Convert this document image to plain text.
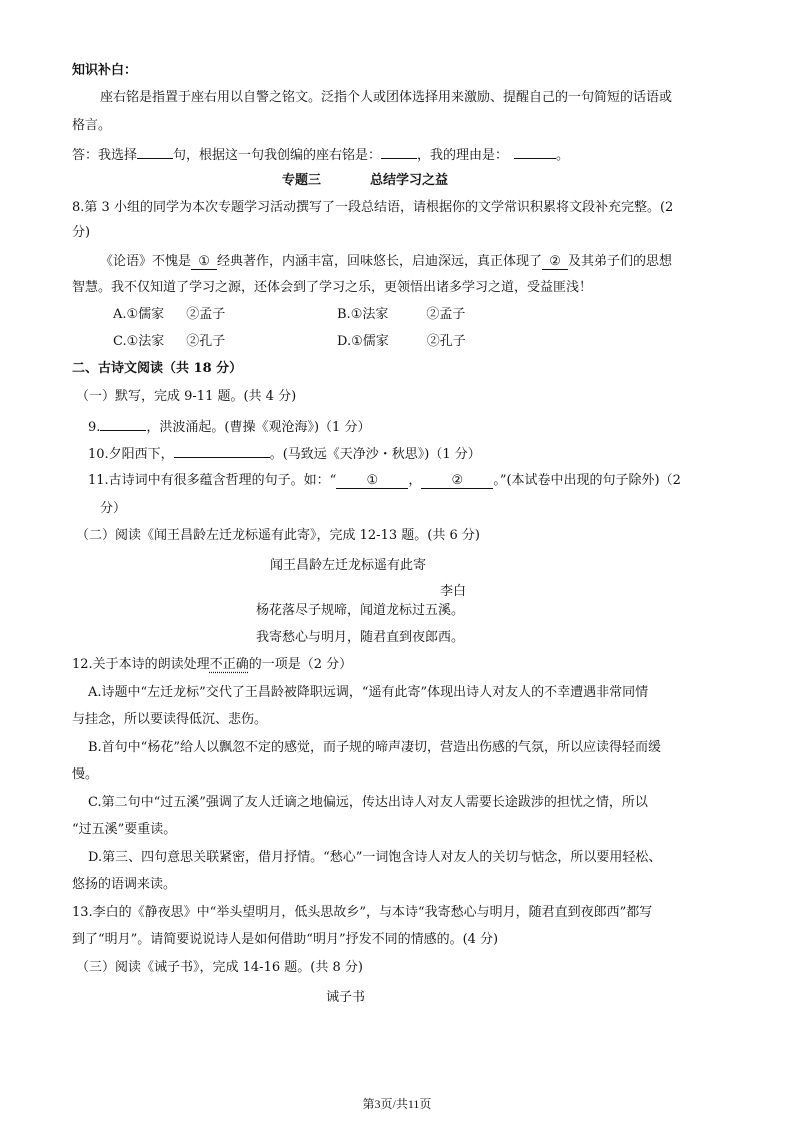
知识补白：
座右铭是指置于座右用以自警之铭文。泛指个人或团体选择用来激励、提醒自己的一句简短的话语或
格言。
答：我选择	句，根据这一句我创编的座右铭是：	，我的理由是：	。
专题三	总结学习之益
8.第 3 小组的同学为本次专题学习活动撰写了一段总结语，请根据你的文学常识积累将文段补充完整。(2
分)
《论语》不愧是 ① 经典著作，内涵丰富，回味悠长，启迪深远，真正体现了 ② 及其弟子们的思想
智慧。我不仅知道了学习之源，还体会到了学习之乐，更领悟出诸多学习之道，受益匪浅！
A.①儒家 ②孟子	B.①法家	②孟子
C.①法家 ②孔子	D.①儒家	②孔子
二、古诗文阅读（共 18 分）
（一）默写，完成 9-11 题。(共 4 分)
9.	，洪波涌起。(曹操《观沧海》)（1 分）
10.夕阳西下，	。(马致远《天净沙・秋思》)（1 分）
11.古诗词中有很多蕴含哲理的句子。如：“ ① ， ② 。”(本试卷中出现的句子除外)（2
分）
（二）阅读《闻王昌龄左迁龙标遥有此寄》，完成 12-13 题。(共 6 分)
闻王昌龄左迁龙标遥有此寄
李白
杨花落尽子规啼，闻道龙标过五溪。
我寄愁心与明月，随君直到夜郎西。
12.关于本诗的朗读处理不正确的一项是（2 分）
A.诗题中“左迁龙标”交代了王昌龄被降职远调，“遥有此寄”体现出诗人对友人的不幸遭遇非常同情
与挂念，所以要读得低沉、悲伤。
B.首句中“杨花”给人以飘忽不定的感觉，而子规的啼声凄切，营造出伤感的气氛，所以应读得轻而缓
慢。
C.第二句中“过五溪”强调了友人迁谪之地偏远，传达出诗人对友人需要长途跋涉的担忧之情，所以
“过五溪”要重读。
D.第三、四句意思关联紧密，借月抒情。“愁心”一词饱含诗人对友人的关切与惦念，所以要用轻松、
悠扬的语调来读。
13.李白的《静夜思》中“举头望明月，低头思故乡”，与本诗“我寄愁心与明月，随君直到夜郎西”都写
到了“明月”。请简要说说诗人是如何借助“明月”抒发不同的情感的。(4 分)
（三）阅读《诫子书》，完成 14-16 题。(共 8 分)
诫子书
第3页/共11页
